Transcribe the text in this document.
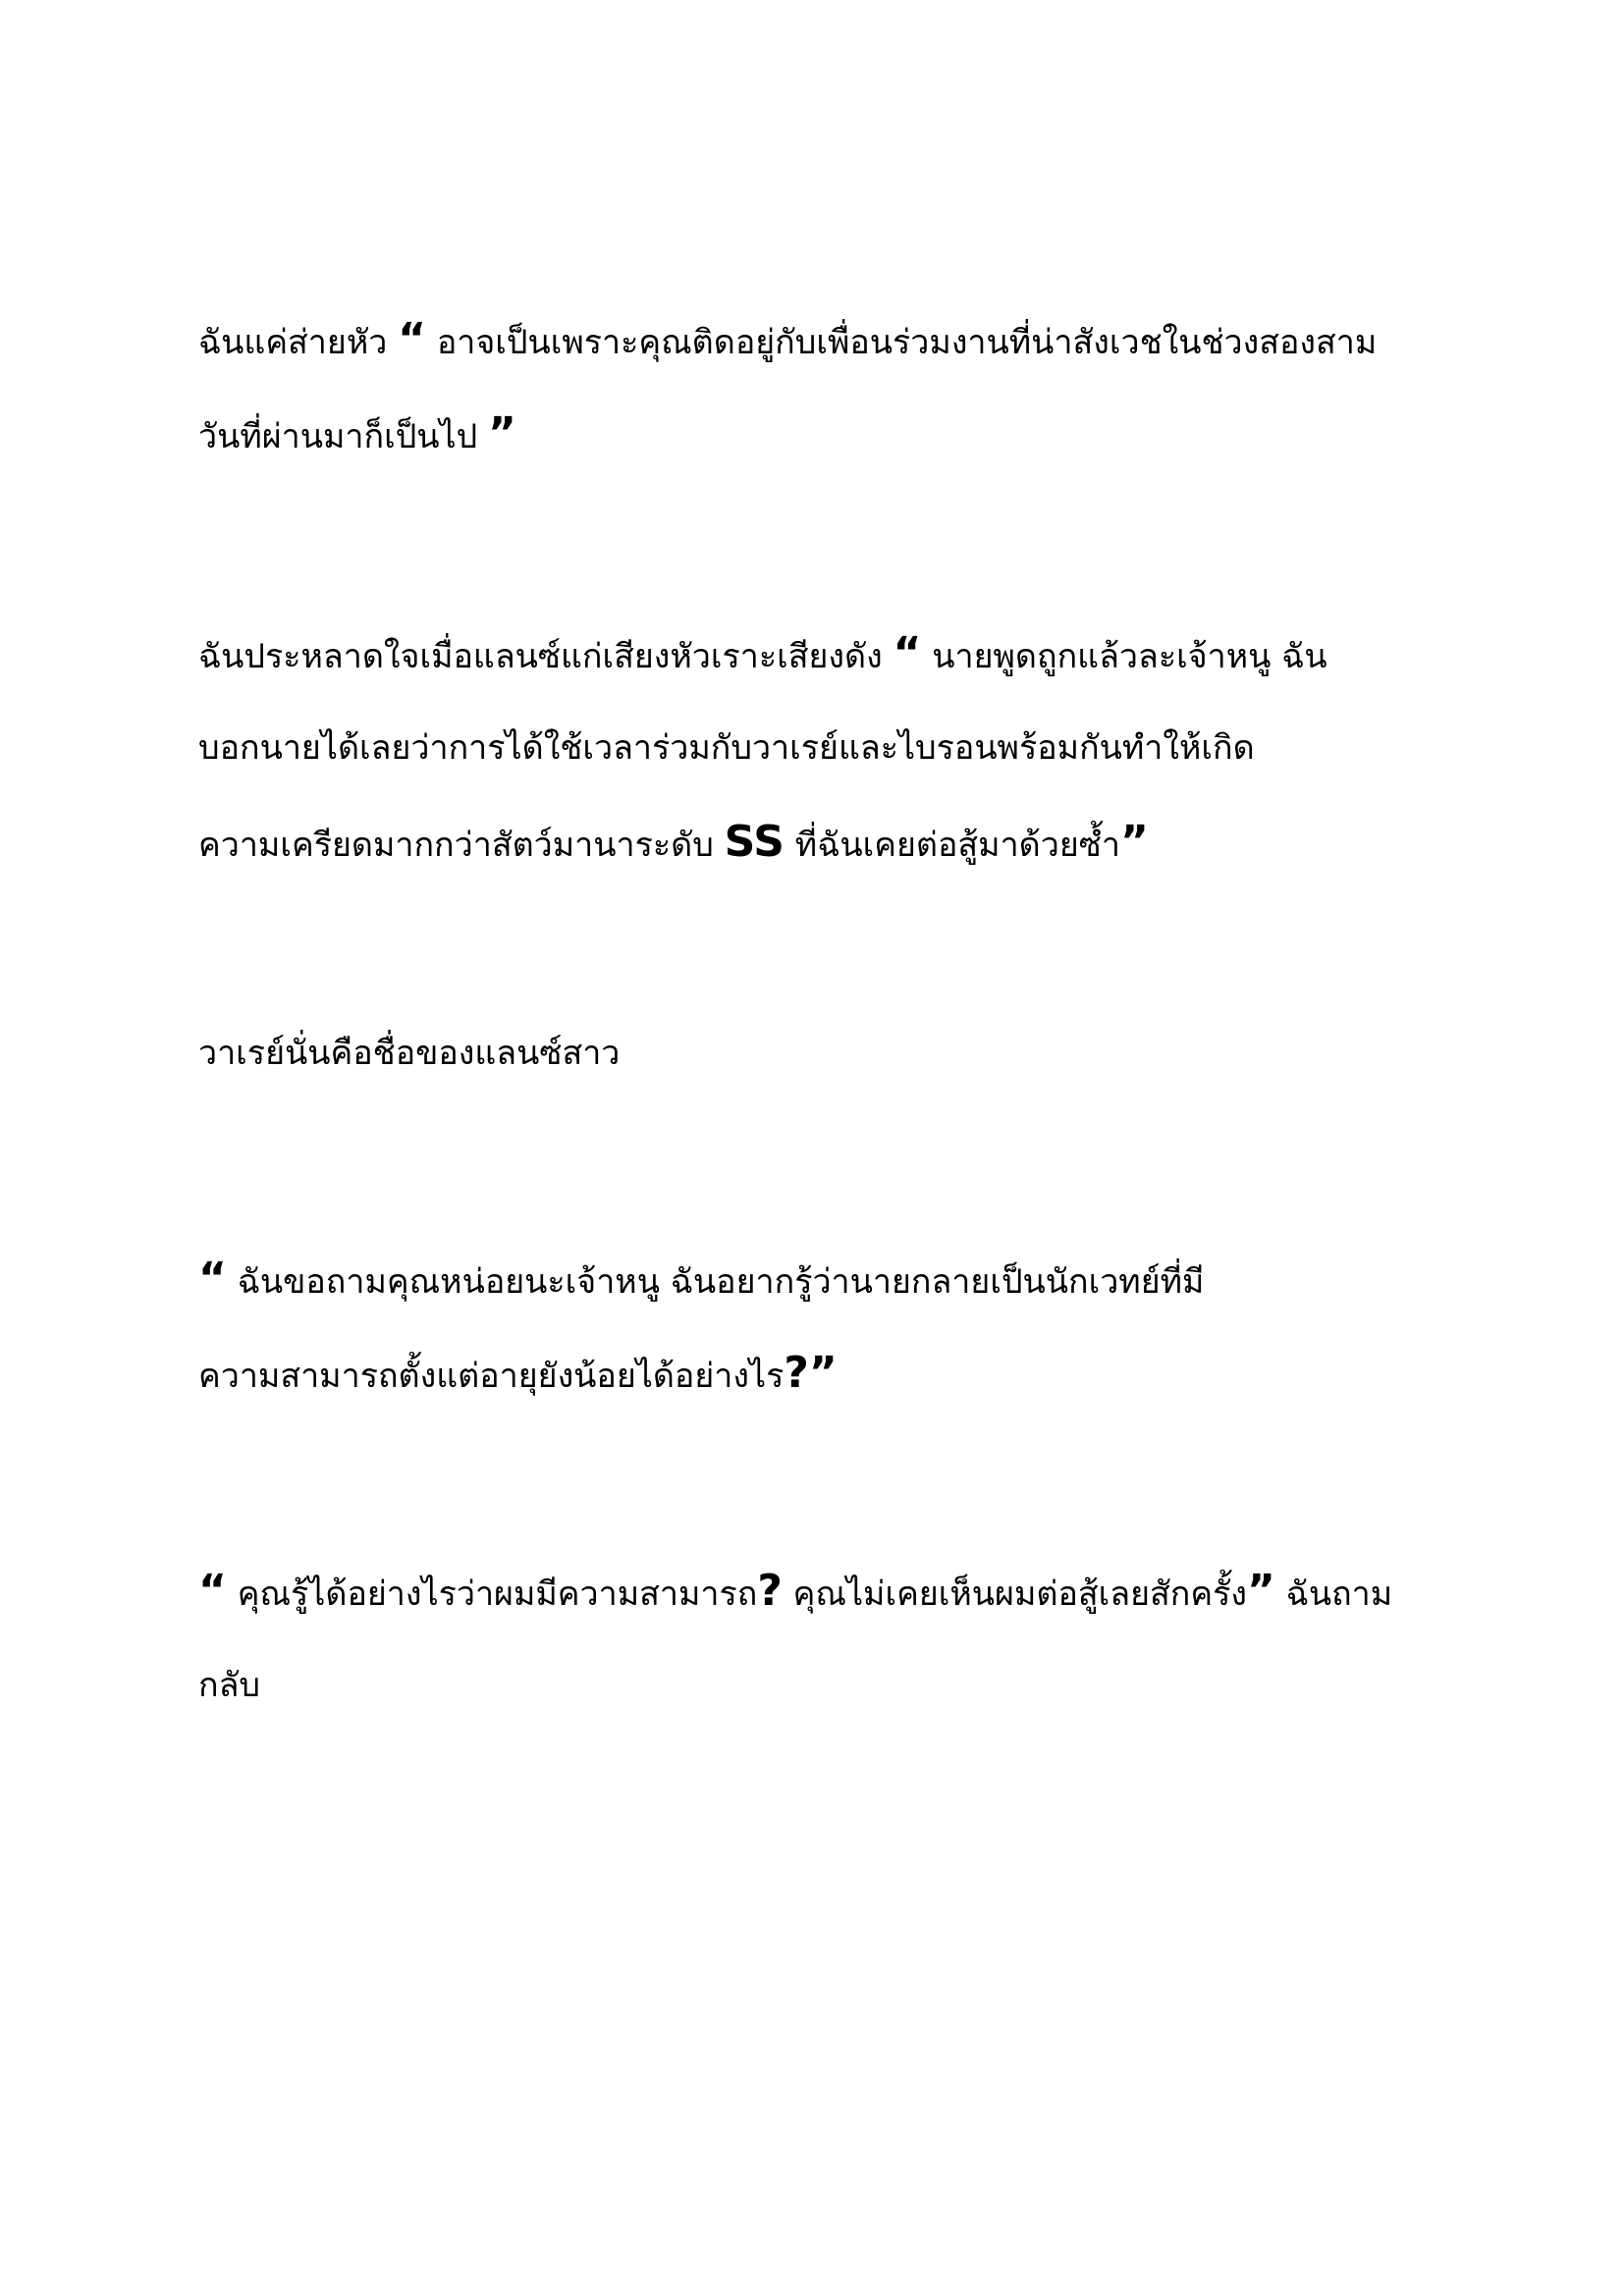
ฉันแค่ส่ายหัว “ อาจเป็นเพราะคุณติดอยู่กับเพื่อนร่วมงานที่น่าสังเวชในช่วงสองสาม
วันที่ผ่านมาก็เป็นไป ”
ฉันประหลาดใจเมื่อแลนซ์แก่เสียงหัวเราะเสียงดัง “ นายพูดถูกแล้วละเจ้าหนู ฉัน
บอกนายได้เลยว่าการได้ใช้เวลาร่วมกับวาเรย์และไบรอนพร้อมกันทำให้เกิด
ความเครียดมากกว่าสัตว์มานาระดับ SS ที่ฉันเคยต่อสู้มาด้วยซ้ำ”
วาเรย์นั่นคือชื่อของแลนซ์สาว
“ ฉันขอถามคุณหน่อยนะเจ้าหนู ฉันอยากรู้ว่านายกลายเป็นนักเวทย์ที่มี
ความสามารถตั้งแต่อายุยังน้อยได้อย่างไร?”
“ คุณรู้ได้อย่างไรว่าผมมีความสามารถ? คุณไม่เคยเห็นผมต่อสู้เลยสักครั้ง” ฉันถาม
กลับ
